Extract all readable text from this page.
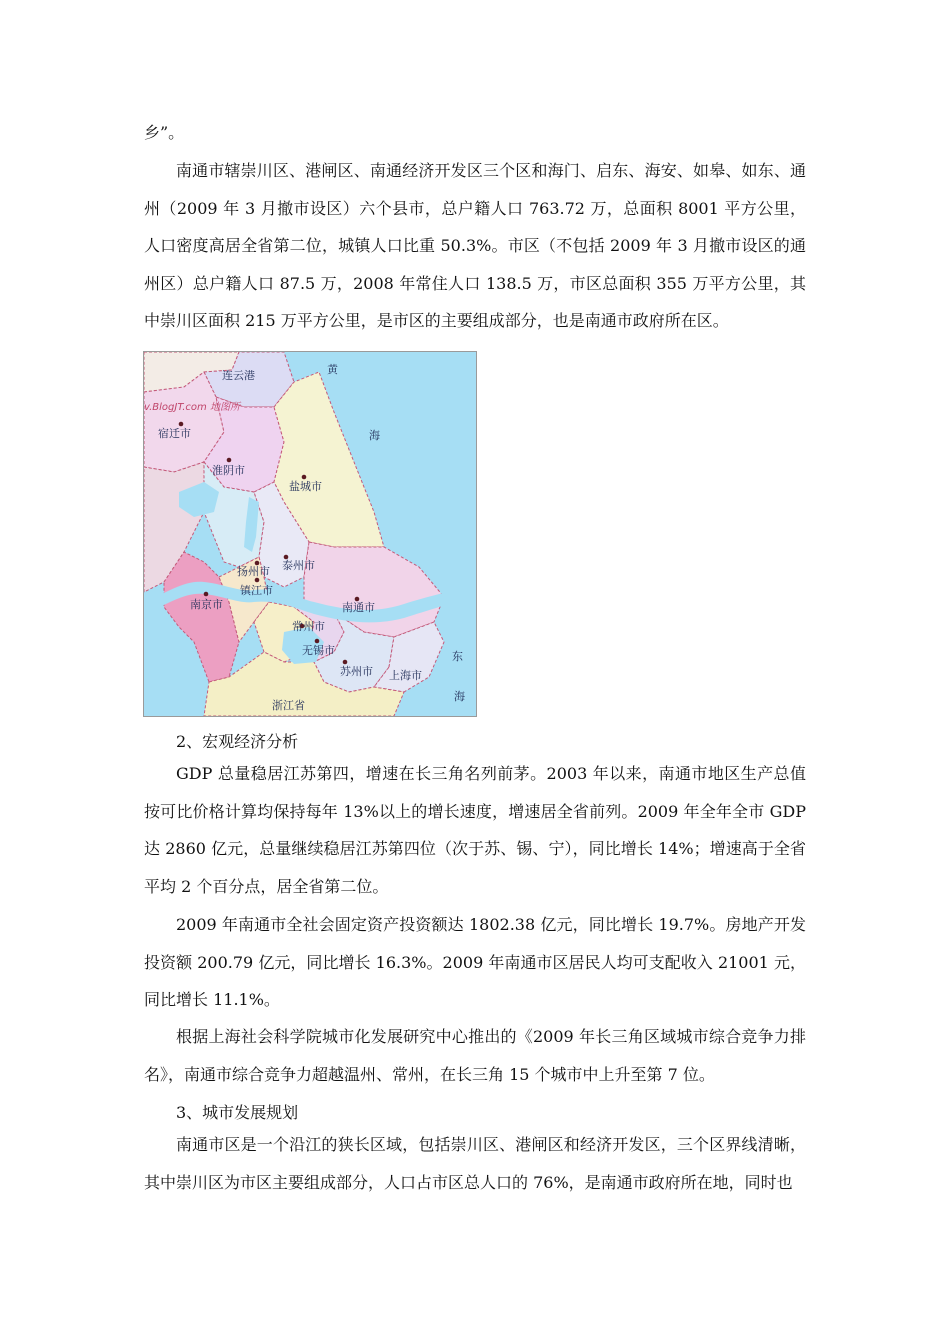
乡”。

南通市辖崇川区、港闸区、南通经济开发区三个区和海门、启东、海安、如皋、如东、通州（2009 年 3 月撤市设区）六个县市，总户籍人口 763.72 万，总面积 8001 平方公里，人口密度高居全省第二位，城镇人口比重 50.3%。市区（不包括 2009 年 3 月撤市设区的通州区）总户籍人口 87.5 万，2008 年常住人口 138.5 万，市区总面积 355 万平方公里，其中崇川区面积 215 万平方公里，是市区的主要组成部分，也是南通市政府所在区。

连云港
v.BlogJT.com 地图所
宿迁市
淮阴市
盐城市
扬州市 泰州市
镇江市
南京市	南通市
常州市
无锡市
苏州市 上海市
浙江省
黄
海
东
海

2、宏观经济分析

GDP 总量稳居江苏第四，增速在长三角名列前茅。2003 年以来，南通市地区生产总值按可比价格计算均保持每年 13%以上的增长速度，增速居全省前列。2009 年全年全市 GDP 达 2860 亿元，总量继续稳居江苏第四位（次于苏、锡、宁），同比增长 14%；增速高于全省平均 2 个百分点，居全省第二位。

2009 年南通市全社会固定资产投资额达 1802.38 亿元，同比增长 19.7%。房地产开发投资额 200.79 亿元，同比增长 16.3%。2009 年南通市区居民人均可支配收入 21001 元，同比增长 11.1%。

根据上海社会科学院城市化发展研究中心推出的《2009 年长三角区域城市综合竞争力排名》，南通市综合竞争力超越温州、常州，在长三角 15 个城市中上升至第 7 位。

3、城市发展规划

南通市区是一个沿江的狭长区域，包括崇川区、港闸区和经济开发区，三个区界线清晰，其中崇川区为市区主要组成部分，人口占市区总人口的 76%，是南通市政府所在地，同时也
